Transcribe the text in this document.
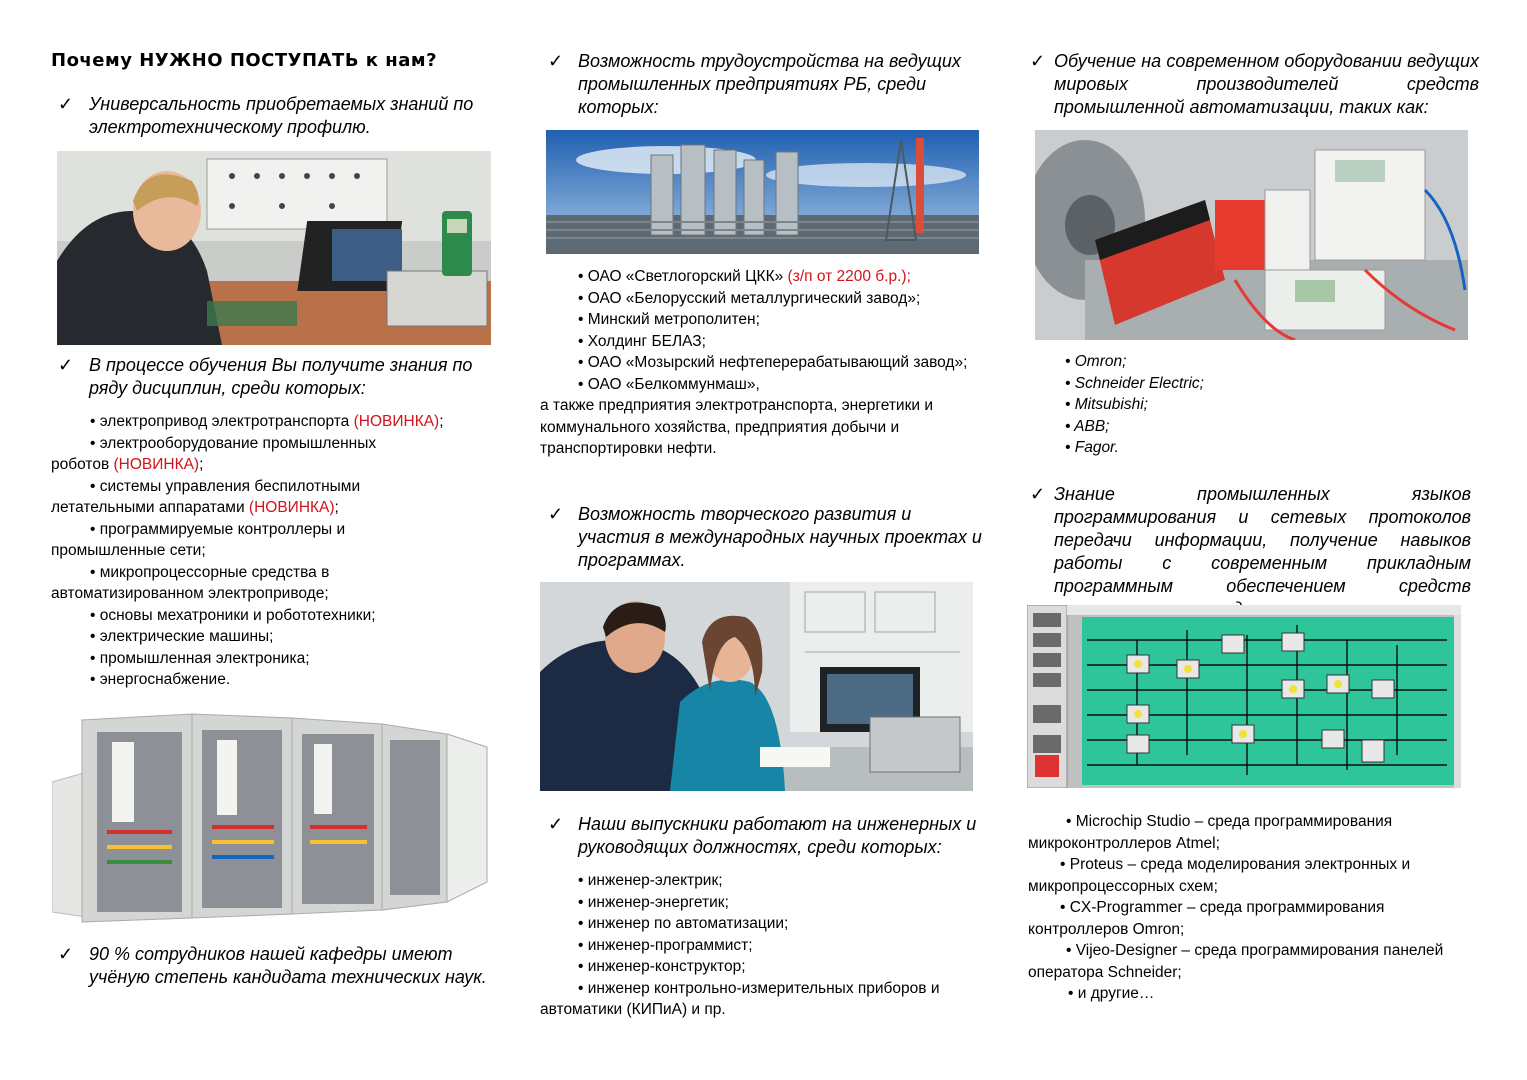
Почему НУЖНО ПОСТУПАТЬ к нам?
✓ Универсальность приобретаемых знаний по электротехническому профилю.
✓ В процессе обучения Вы получите знания по ряду дисциплин, среди которых:
• электропривод электротранспорта (НОВИНКА);
• электрооборудование промышленных роботов (НОВИНКА);
• системы управления беспилотными летательными аппаратами (НОВИНКА);
• программируемые контроллеры и промышленные сети;
• микропроцессорные средства в автоматизированном электроприводе;
• основы мехатроники и робототехники;
• электрические машины;
• промышленная электроника;
• энергоснабжение.
✓ 90 % сотрудников нашей кафедры имеют учёную степень кандидата технических наук.
✓ Возможность трудоустройства на ведущих промышленных предприятиях РБ, среди которых:
• ОАО «Светлогорский ЦКК» (з/п от 2200 б.р.);
• ОАО «Белорусский металлургический завод»;
• Минский метрополитен;
• Холдинг БЕЛАЗ;
• ОАО «Мозырский нефтеперерабатывающий завод»;
• ОАО «Белкоммунмаш»,
а также предприятия электротранспорта, энергетики и коммунального хозяйства, предприятия добычи и транспортировки нефти.
✓ Возможность творческого развития и участия в международных научных проектах и программах.
✓ Наши выпускники работают на инженерных и руководящих должностях, среди которых:
• инженер-электрик;
• инженер-энергетик;
• инженер по автоматизации;
• инженер-программист;
• инженер-конструктор;
• инженер контрольно-измерительных приборов и автоматики (КИПиА) и пр.
✓ Обучение на современном оборудовании ведущих мировых производителей средств промышленной автоматизации, таких как:
• Omron;
• Schneider Electric;
• Mitsubishi;
• ABB;
• Fagor.
✓ Знание промышленных языков программирования и сетевых протоколов передачи информации, получение навыков работы с современным прикладным программным обеспечением средств
• Microchip Studio – среда программирования микроконтроллеров Atmel;
• Proteus – среда моделирования электронных и микропроцессорных схем;
• CX-Programmer – среда программирования контроллеров Omron;
• Vijeo-Designer – среда программирования панелей оператора Schneider;
• и другие…
